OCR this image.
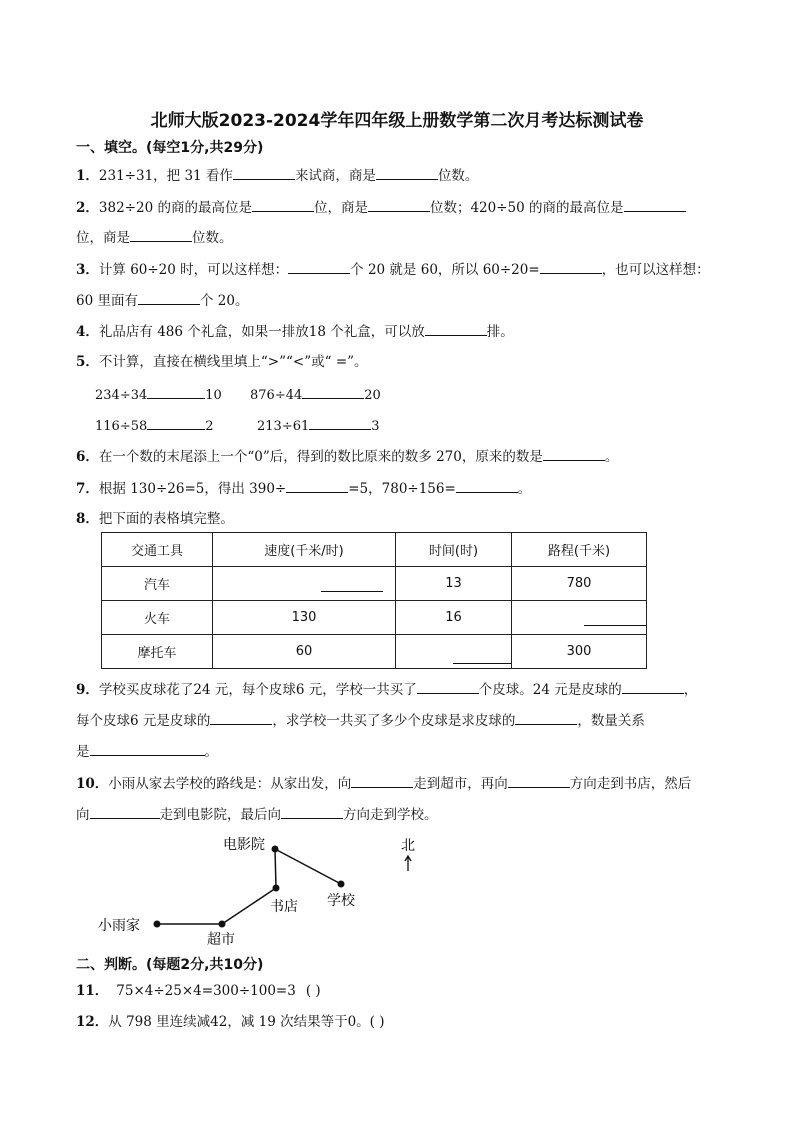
北师大版2023-2024学年四年级上册数学第二次月考达标测试卷
一、填空。(每空1分,共29分)
1．231÷31，把 31 看作	来试商，商是	位数。
2．382÷20 的商的最高位是	位，商是	位数；420÷50 的商的最高位是
位，商是	位数。
3．计算 60÷20 时，可以这样想：	个 20 就是 60，所以 60÷20=	，也可以这样想：
60 里面有	个 20。
4．礼品店有 486 个礼盒，如果一排放18 个礼盒，可以放	排。
5．不计算，直接在横线里填上“>”“<”或“ =”。
234÷34	10 876÷44	20
116÷58	2	213÷61	3
6．在一个数的末尾添上一个“0”后，得到的数比原来的数多 270，原来的数是	。
7．根据 130÷26=5，得出 390÷	=5，780÷156=	。
8．把下面的表格填完整。
交通工具	速度(千米/时)	时间(时)	路程(千米)
汽车		13	780
火车	130	16	

摩托车	60		300
9．学校买皮球花了24 元，每个皮球6 元，学校一共买了	个皮球。24 元是皮球的	，
每个皮球6 元是皮球的	，求学校一共买了多少个皮球是求皮球的	，数量关系
是	。
10．小雨从家去学校的路线是：从家出发，向	走到超市，再向	方向走到书店，然后
向	走到电影院，最后向	方向走到学校。
电影院
学校
书店
小雨家
超市
北
二、判断。(每题2分,共10分)
11． 75×4÷25×4=300÷100=3 ( )
12．从 798 里连续减42，减 19 次结果等于0。( )
